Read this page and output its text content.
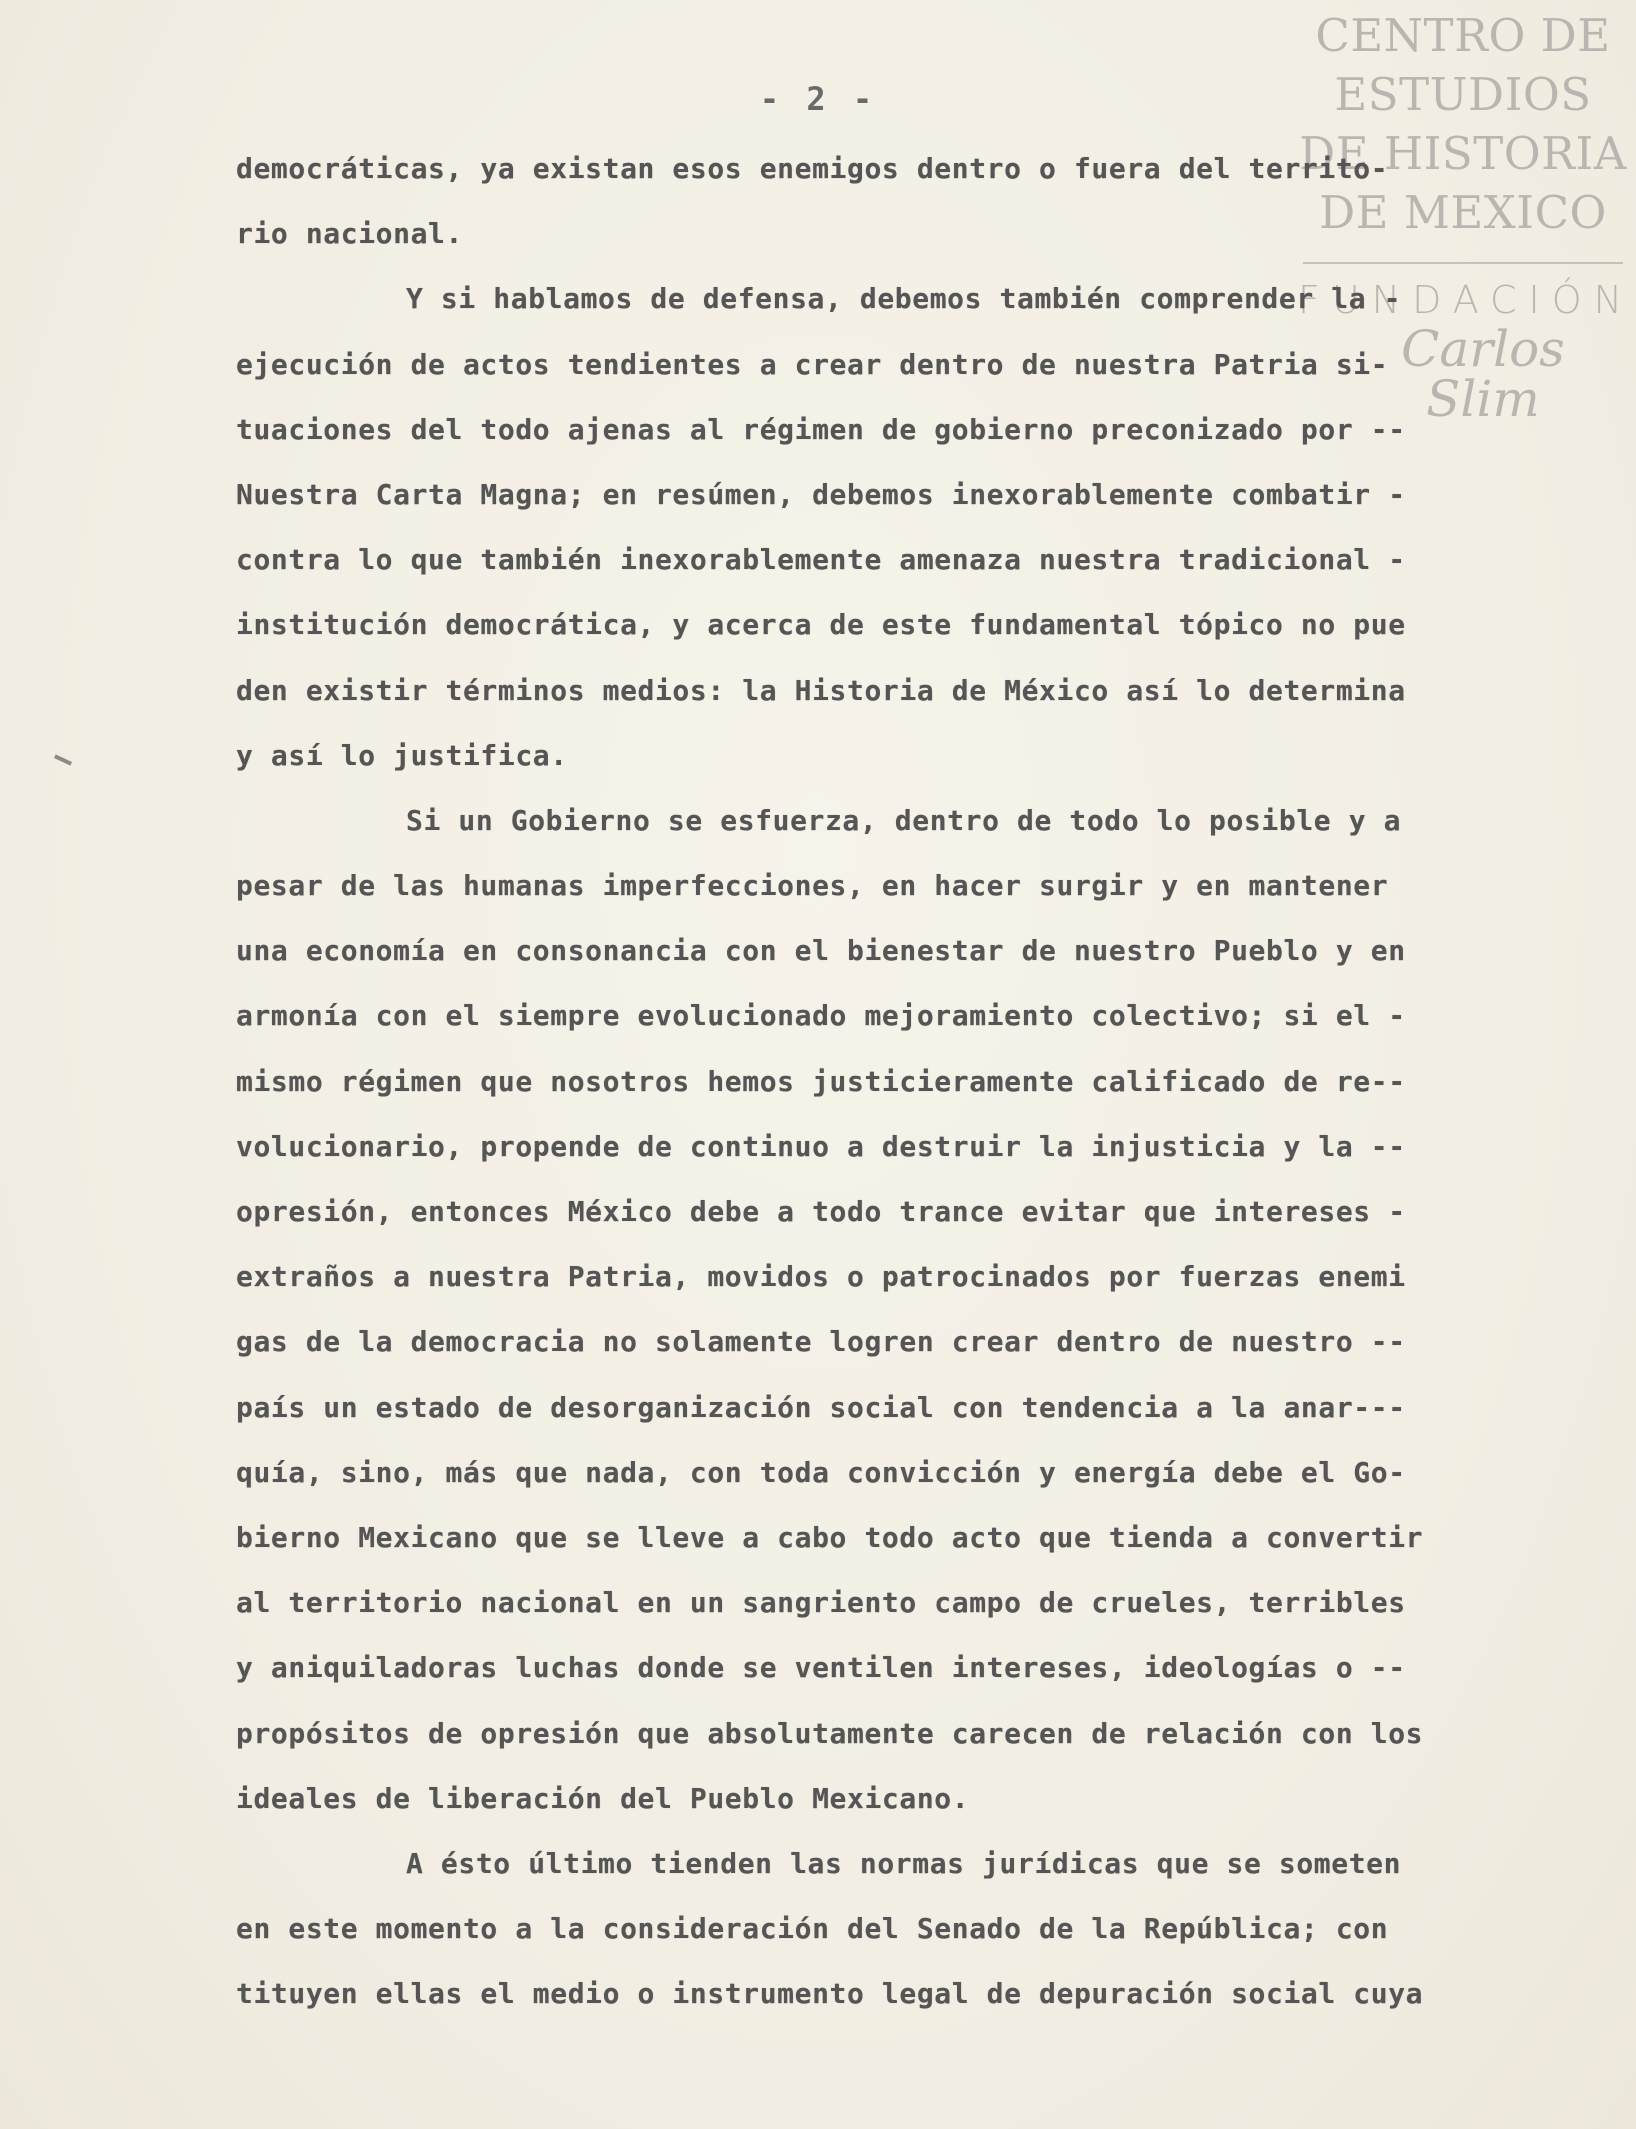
CENTRO DE
ESTUDIOS
DE HISTORIA
DE MEXICO
FUNDACIÓN
Carlos Slim
- 2 -
democráticas, ya existan esos enemigos dentro o fuera del territo-
rio nacional.
Y si hablamos de defensa, debemos también comprender la -
ejecución de actos tendientes a crear dentro de nuestra Patria si-
tuaciones del todo ajenas al régimen de gobierno preconizado por --
Nuestra Carta Magna; en resúmen, debemos inexorablemente combatir -
contra lo que también inexorablemente amenaza nuestra tradicional -
institución democrática, y acerca de este fundamental tópico no pue
den existir términos medios: la Historia de México así lo determina
y así lo justifica.
Si un Gobierno se esfuerza, dentro de todo lo posible y a
pesar de las humanas imperfecciones, en hacer surgir y en mantener
una economía en consonancia con el bienestar de nuestro Pueblo y en
armonía con el siempre evolucionado mejoramiento colectivo; si el -
mismo régimen que nosotros hemos justicieramente calificado de re--
volucionario, propende de continuo a destruir la injusticia y la --
opresión, entonces México debe a todo trance evitar que intereses -
extraños a nuestra Patria, movidos o patrocinados por fuerzas enemi
gas de la democracia no solamente logren crear dentro de nuestro --
país un estado de desorganización social con tendencia a la anar---
quía, sino, más que nada, con toda convicción y energía debe el Go-
bierno Mexicano que se lleve a cabo todo acto que tienda a convertir
al territorio nacional en un sangriento campo de crueles, terribles
y aniquiladoras luchas donde se ventilen intereses, ideologías o --
propósitos de opresión que absolutamente carecen de relación con los
ideales de liberación del Pueblo Mexicano.
A ésto último tienden las normas jurídicas que se someten
en este momento a la consideración del Senado de la República; con
tituyen ellas el medio o instrumento legal de depuración social cuya
